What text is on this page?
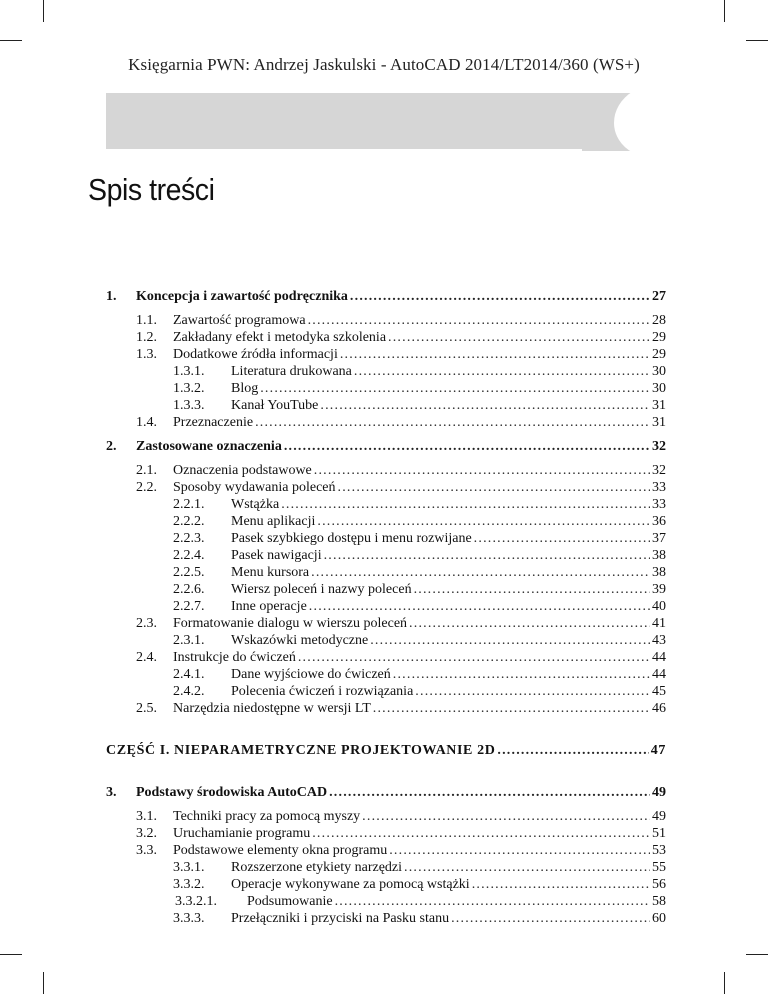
Księgarnia PWN: Andrzej Jaskulski - AutoCAD 2014/LT2014/360 (WS+)
Spis treści
1.	Koncepcja i zawartość podręcznika .....	27
1.1.	Zawartość programowa .....	28
1.2.	Zakładany efekt i metodyka szkolenia .....	29
1.3.	Dodatkowe źródła informacji .....	29
1.3.1.	Literatura drukowana .....	30
1.3.2.	Blog .....	30
1.3.3.	Kanał YouTube .....	31
1.4.	Przeznaczenie .....	31
2.	Zastosowane oznaczenia .....	32
2.1.	Oznaczenia podstawowe .....	32
2.2.	Sposoby wydawania poleceń .....	33
2.2.1.	Wstążka .....	33
2.2.2.	Menu aplikacji .....	36
2.2.3.	Pasek szybkiego dostępu i menu rozwijane .....	37
2.2.4.	Pasek nawigacji .....	38
2.2.5.	Menu kursora .....	38
2.2.6.	Wiersz poleceń i nazwy poleceń .....	39
2.2.7.	Inne operacje .....	40
2.3.	Formatowanie dialogu w wierszu poleceń .....	41
2.3.1.	Wskazówki metodyczne .....	43
2.4.	Instrukcje do ćwiczeń .....	44
2.4.1.	Dane wyjściowe do ćwiczeń .....	44
2.4.2.	Polecenia ćwiczeń i rozwiązania .....	45
2.5.	Narzędzia niedostępne w wersji LT .....	46
CZĘŚĆ I. NIEPARAMETRYCZNE PROJEKTOWANIE 2D .....	47
3.	Podstawy środowiska AutoCAD .....	49
3.1.	Techniki pracy za pomocą myszy .....	49
3.2.	Uruchamianie programu .....	51
3.3.	Podstawowe elementy okna programu .....	53
3.3.1.	Rozszerzone etykiety narzędzi .....	55
3.3.2.	Operacje wykonywane za pomocą wstążki .....	56
3.3.2.1.	Podsumowanie .....	58
3.3.3.	Przełączniki i przyciski na Pasku stanu .....	60
